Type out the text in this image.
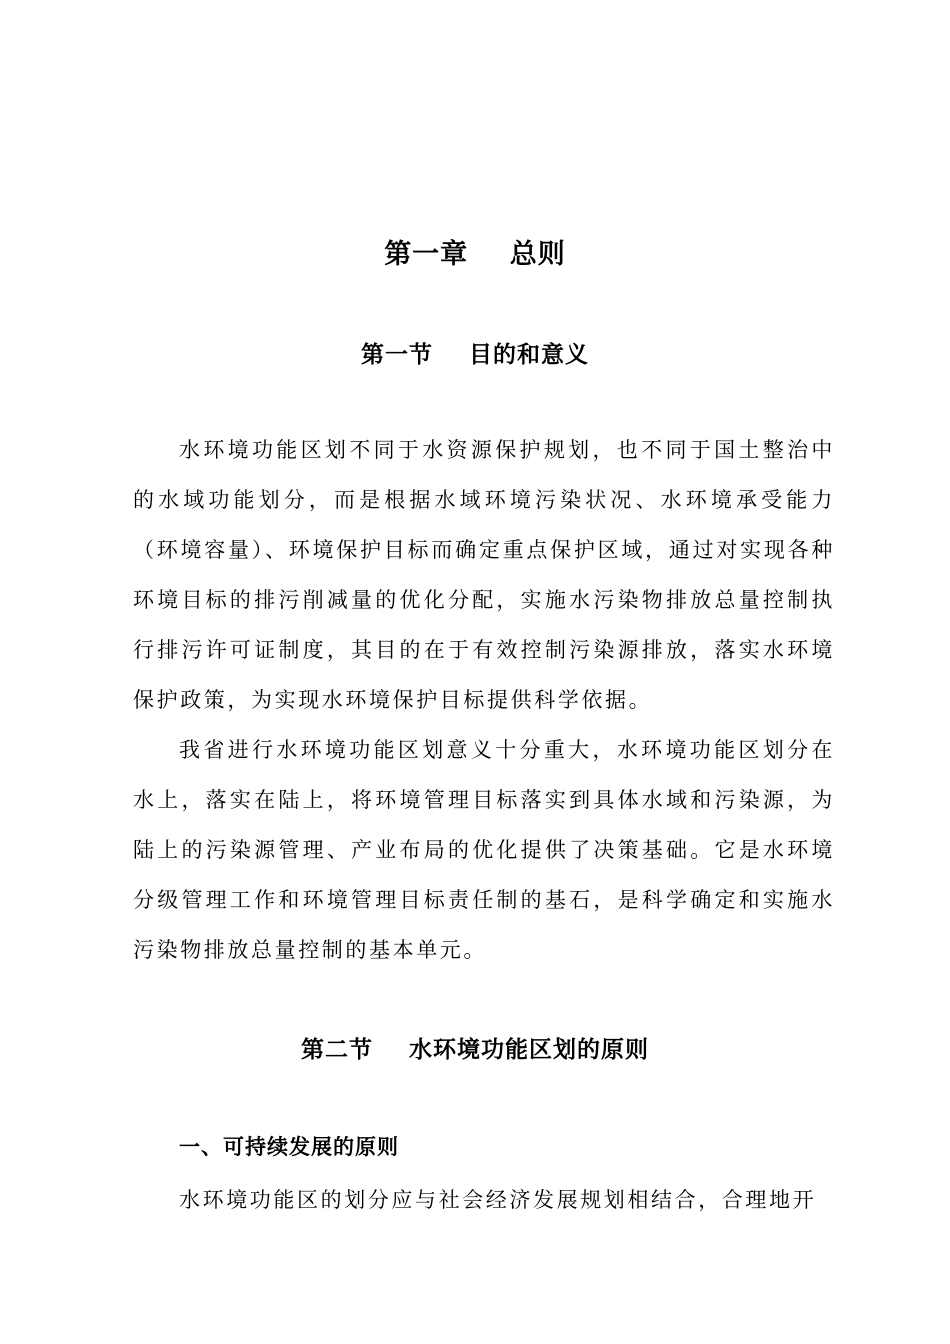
第一章    总则
第一节    目的和意义

水环境功能区划不同于水资源保护规划，也不同于国土整治中的水域功能划分，而是根据水域环境污染状况、水环境承受能力（环境容量）、环境保护目标而确定重点保护区域，通过对实现各种环境目标的排污削减量的优化分配，实施水污染物排放总量控制执行排污许可证制度，其目的在于有效控制污染源排放，落实水环境保护政策，为实现水环境保护目标提供科学依据。

我省进行水环境功能区划意义十分重大，水环境功能区划分在水上，落实在陆上，将环境管理目标落实到具体水域和污染源，为陆上的污染源管理、产业布局的优化提供了决策基础。它是水环境分级管理工作和环境管理目标责任制的基石，是科学确定和实施水污染物排放总量控制的基本单元。

第二节    水环境功能区划的原则
一、可持续发展的原则

水环境功能区的划分应与社会经济发展规划相结合，合理地开
